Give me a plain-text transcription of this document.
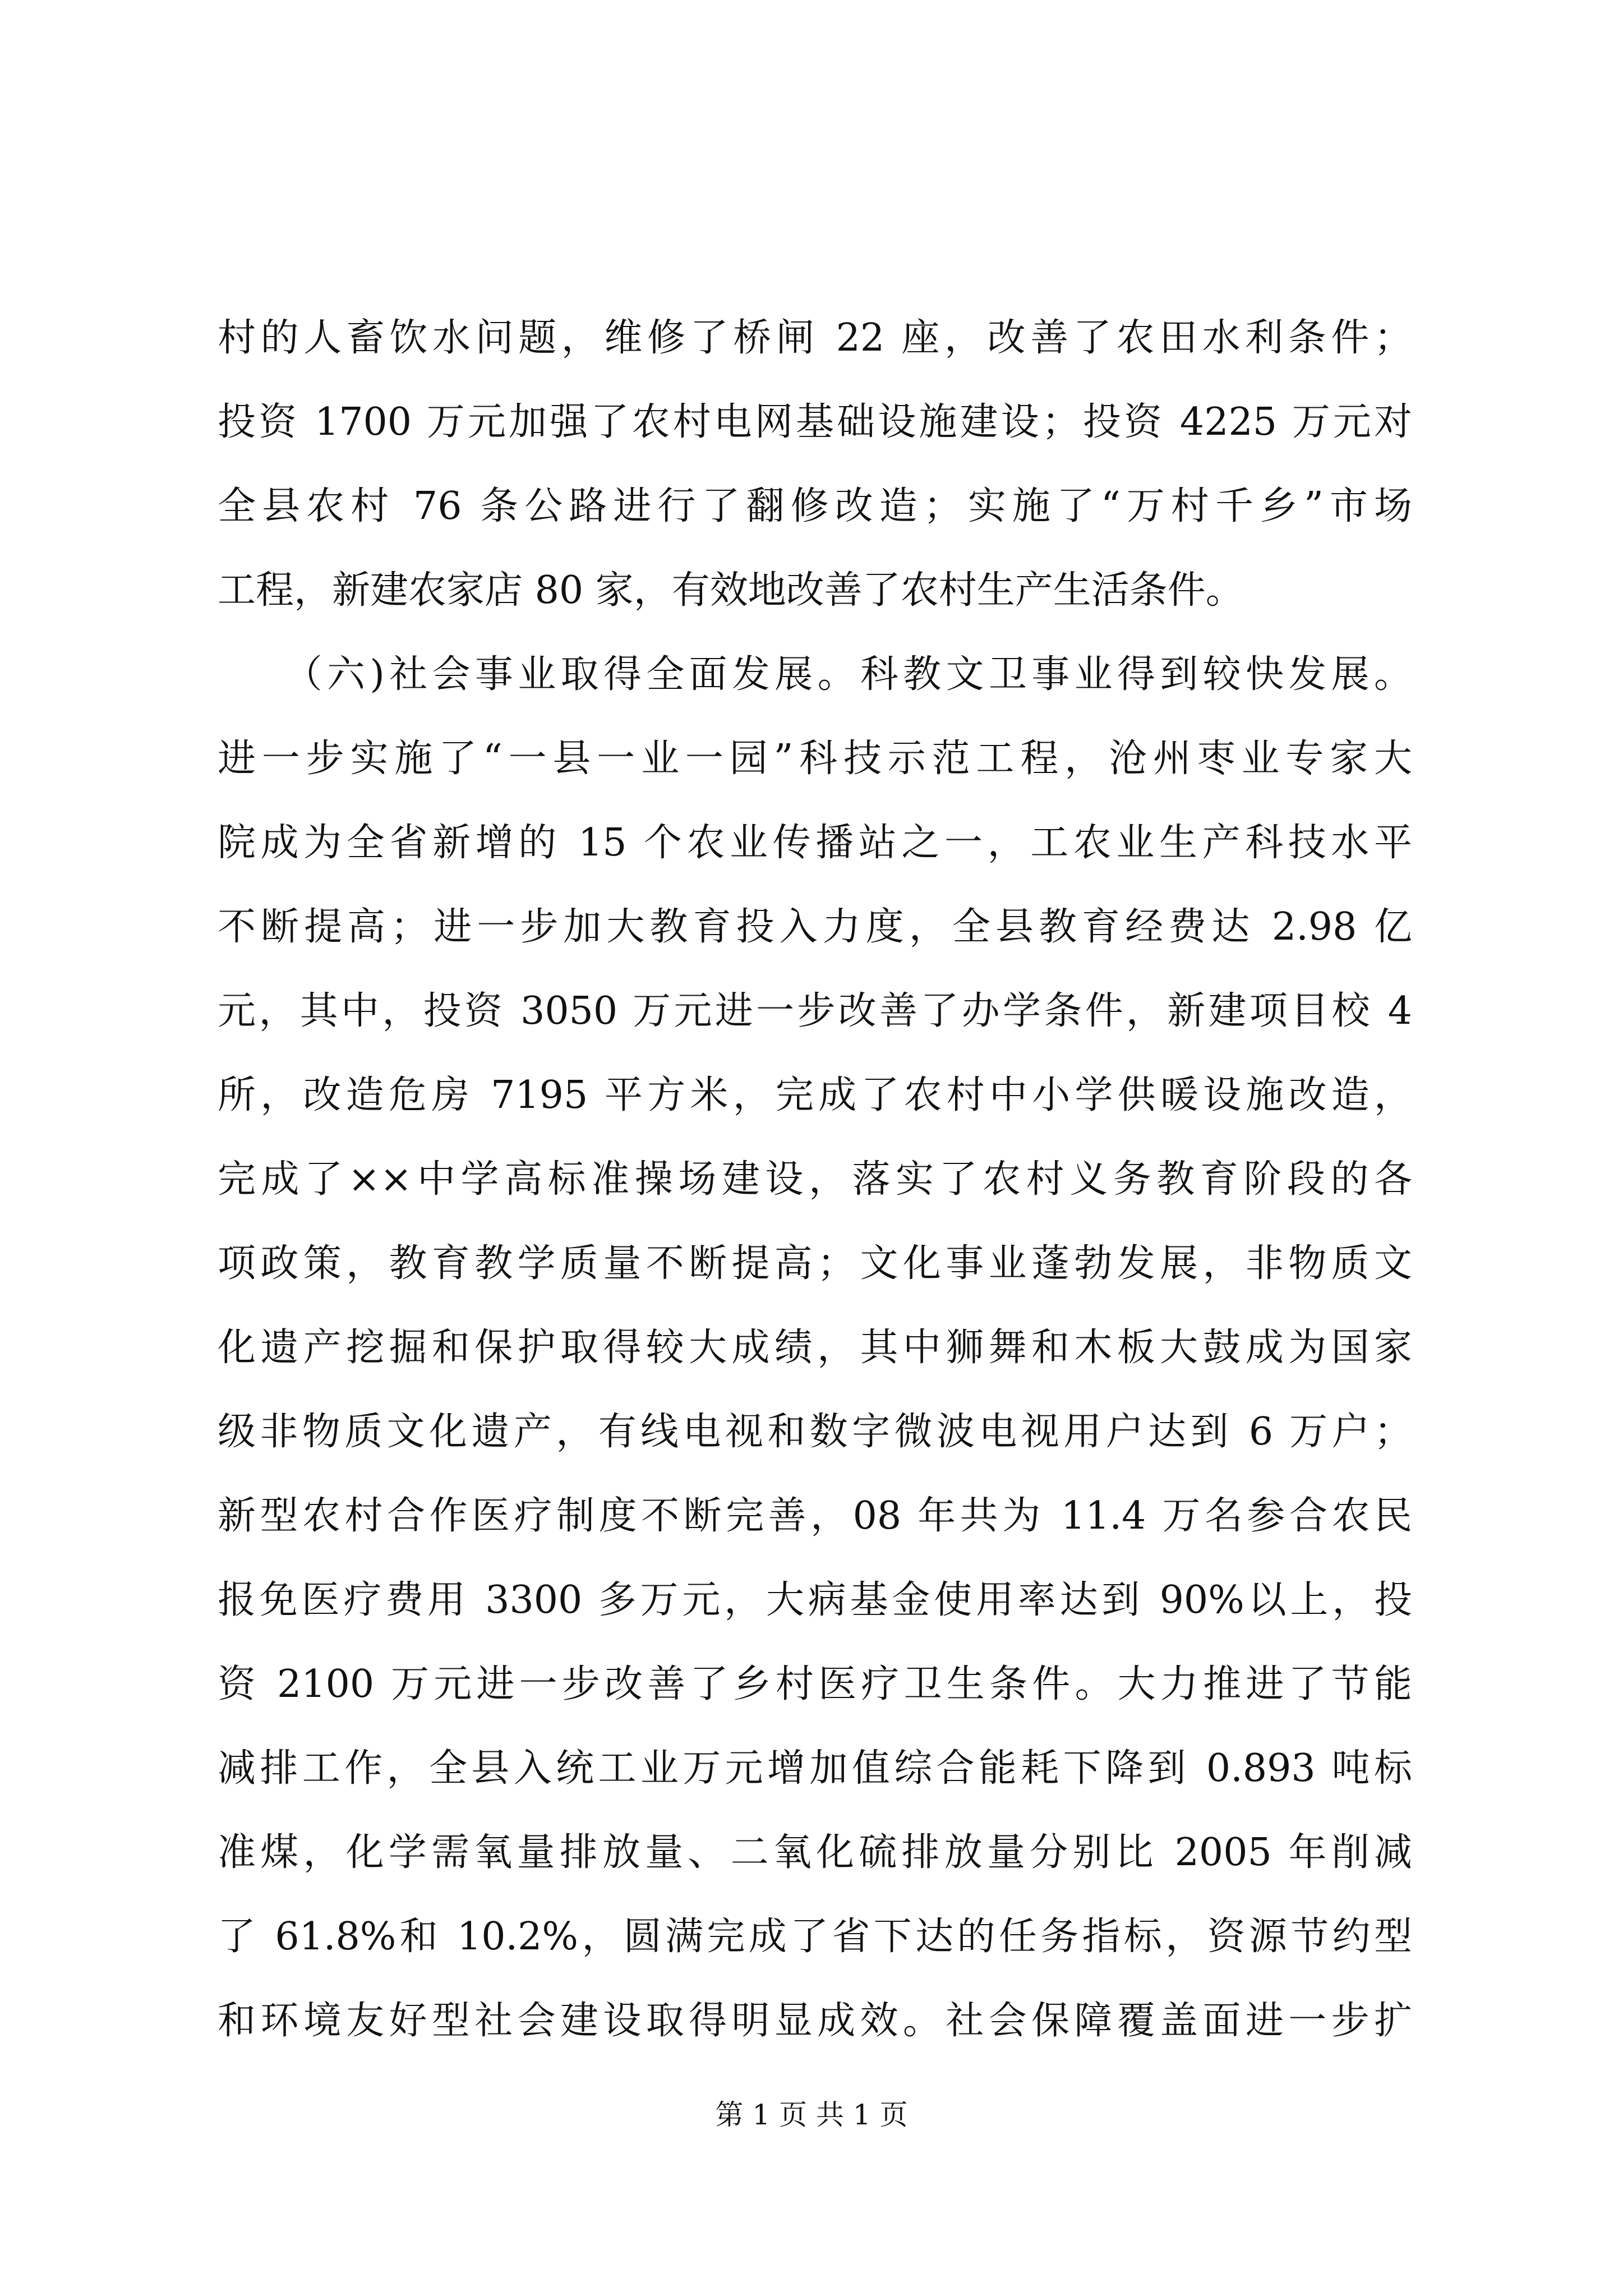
村的人畜饮水问题，维修了桥闸 22 座，改善了农田水利条件；
投资 1700 万元加强了农村电网基础设施建设；投资 4225 万元对
全县农村 76 条公路进行了翻修改造；实施了“万村千乡”市场
工程，新建农家店 80 家，有效地改善了农村生产生活条件。
　　（六)社会事业取得全面发展。科教文卫事业得到较快发展。
进一步实施了“一县一业一园”科技示范工程，沧州枣业专家大
院成为全省新增的 15 个农业传播站之一，工农业生产科技水平
不断提高；进一步加大教育投入力度，全县教育经费达 2.98 亿
元，其中，投资 3050 万元进一步改善了办学条件，新建项目校 4
所，改造危房 7195 平方米，完成了农村中小学供暖设施改造，
完成了××中学高标准操场建设，落实了农村义务教育阶段的各
项政策，教育教学质量不断提高；文化事业蓬勃发展，非物质文
化遗产挖掘和保护取得较大成绩，其中狮舞和木板大鼓成为国家
级非物质文化遗产，有线电视和数字微波电视用户达到 6 万户；
新型农村合作医疗制度不断完善，08 年共为 11.4 万名参合农民
报免医疗费用 3300 多万元，大病基金使用率达到 90%以上，投
资 2100 万元进一步改善了乡村医疗卫生条件。大力推进了节能
减排工作，全县入统工业万元增加值综合能耗下降到 0.893 吨标
准煤，化学需氧量排放量、二氧化硫排放量分别比 2005 年削减
了 61.8%和 10.2%，圆满完成了省下达的任务指标，资源节约型
和环境友好型社会建设取得明显成效。社会保障覆盖面进一步扩
第 1 页 共 1 页
